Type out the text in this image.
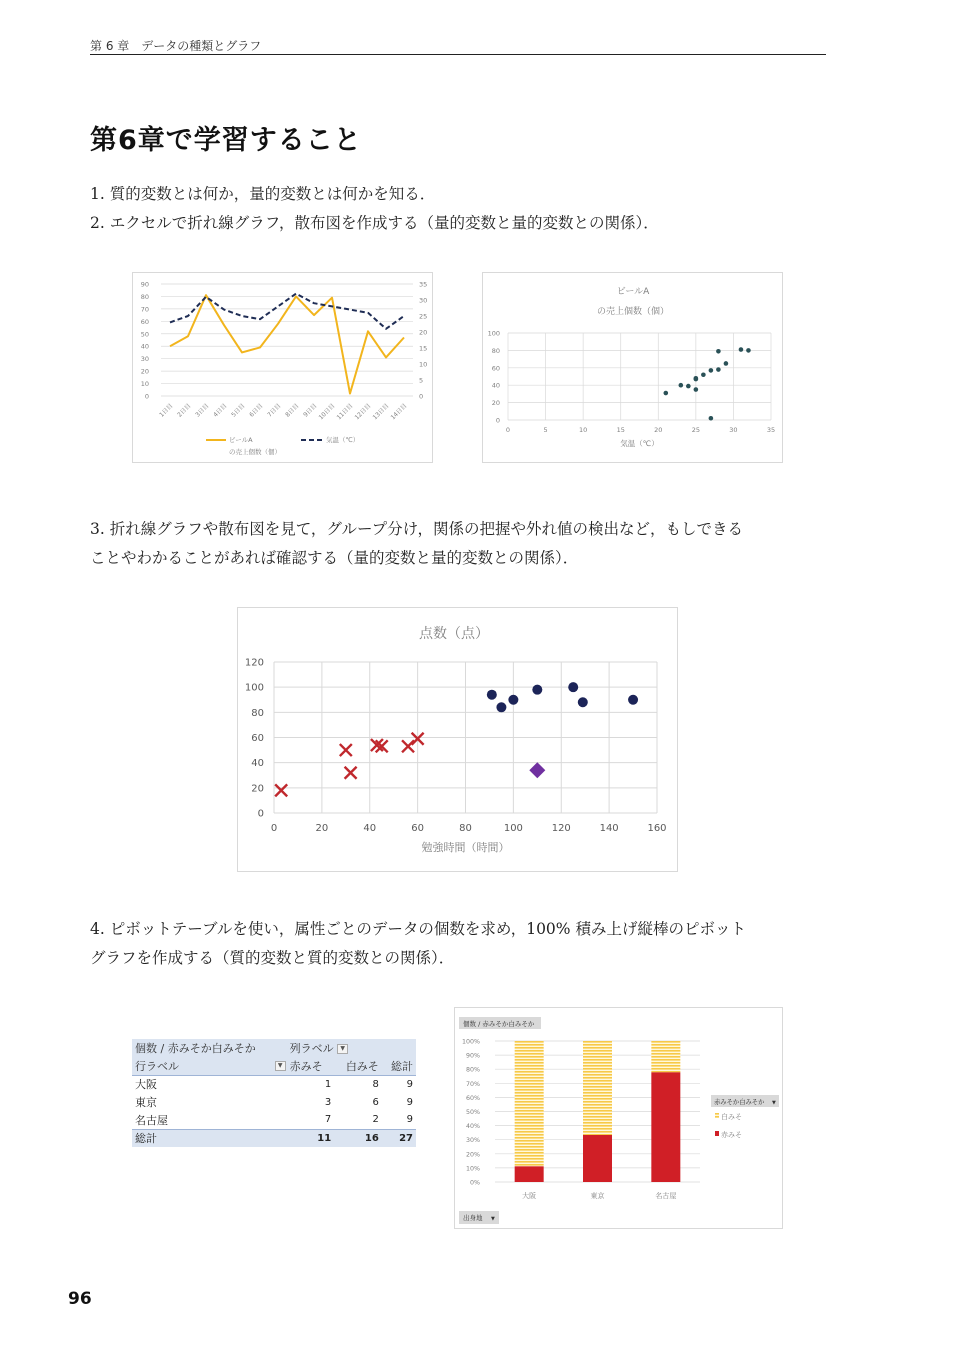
第 6 章　データの種類とグラフ
第6章で学習すること
1. 質的変数とは何か，量的変数とは何かを知る．
2. エクセルで折れ線グラフ，散布図を作成する（量的変数と量的変数との関係）．
0
10
20
30
40
50
60
70
80
90
0
5
10
15
20
25
30
35
1日目 2日目 3日目 4日目 5日目 6日目 7日目 8日目 9日目 10日目 11日目 12日目 13日目 14日目
ビールA
の売上個数（個）
気温（℃）
ビールA
の売上個数（個）
0
20
40
60
80
100
0	5	10	15	20	25	30	35
気温（℃）
3. 折れ線グラフや散布図を見て，グループ分け，関係の把握や外れ値の検出など，もしできる
ことやわかることがあれば確認する（量的変数と量的変数との関係）．
点数（点）
0
20
40
60
80
100
120
0	20	40	60	80	100	120	140	160
勉強時間（時間）
4. ピボットテーブルを使い，属性ごとのデータの個数を求め，100% 積み上げ縦棒のピボット
グラフを作成する（質的変数と質的変数との関係）．
個数 / 赤みそか白みそか	列ラベル ▼		
行ラベル ▼	赤みそ	白みそ	総計
大阪	1	8	9
東京	3	6	9
名古屋	7	2	9
総計	11	16	27
個数 / 赤みそか白みそか
0%
10%
20%
30%
40%
50%
60%
70%
80%
90%
100%
大阪	東京	名古屋
赤みそか白みそか ▼
白みそ
赤みそ
出身地 ▼
96
